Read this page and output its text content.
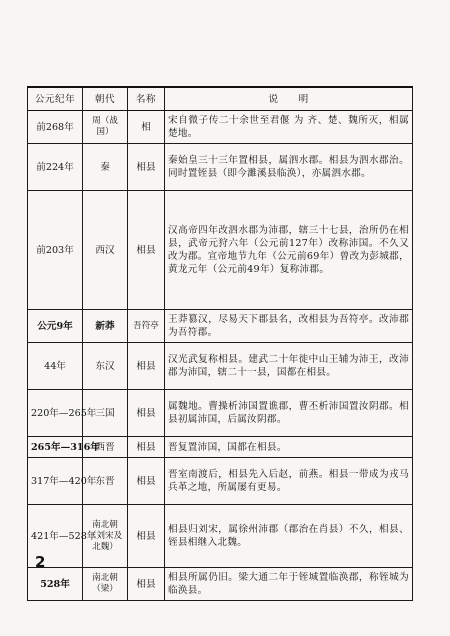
公元纪年	朝代	名称	说　　明
前268年	周（战国）	相	宋自微子传二十余世至君偃 为 齐、楚、魏所灭，相属楚地。
前224年	秦	相县	秦始皇三十三年置相县，属泗水郡。相县为泗水郡治。同时置铚县（即今濉溪县临涣），亦属泗水郡。
前203年	西汉	相县	汉高帝四年改泗水郡为沛郡，辖三十七县，治所仍在相县，武帝元狩六年（公元前127年）改称沛国。不久又改为郡。宣帝地节九年（公元前69年）曾改为彭城郡，黄龙元年（公元前49年）复称沛郡。
公元9年	新莽	吾符亭	王莽篡汉，尽易天下郡县名，改相县为吾符亭。改沛郡为吾符郡。
44年	东汉	相县	汉光武复称相县。建武二十年徙中山王辅为沛王，改沛郡为沛国，辖二十一县，国都在相县。
220年—265年	三国	相县	属魏地。曹操析沛国置谯郡，曹丕析沛国置汝阴郡。相县初属沛国，后属汝阴郡。
265年—316年	西晋	相县	晋复置沛国，国都在相县。
317年—420年	东晋	相县	晋室南渡后，相县先入后赵，前燕。相县一带成为戎马兵革之地，所属屡有更易。
421年—528年	南北朝（刘宋及北魏）	相县	相县归刘宋，属徐州沛郡（郡治在肖县）不久，相县、铚县相继入北魏。
528年	南北朝（梁）	相县	相县所属仍旧。梁大通二年于铚城置临涣郡，称铚城为临涣县。
2
